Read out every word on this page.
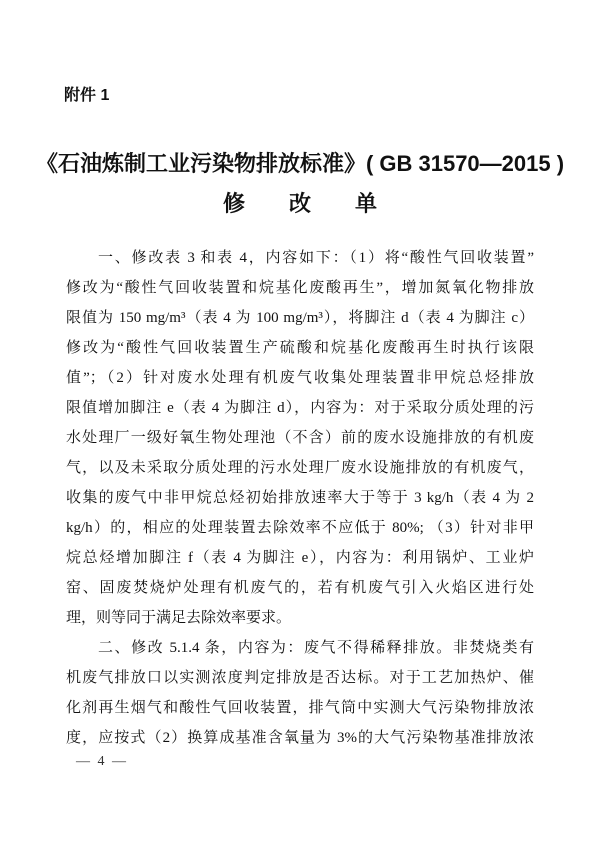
附件 1
《石油炼制工业污染物排放标准》( GB 31570—2015 )
修　　改　　单
一、修改表 3 和表 4，内容如下：（1）将“酸性气回收装置”
修改为“酸性气回收装置和烷基化废酸再生”，增加氮氧化物排放
限值为 150 mg/m³（表 4 为 100 mg/m³），将脚注 d（表 4 为脚注 c）
修改为“酸性气回收装置生产硫酸和烷基化废酸再生时执行该限
值”；（2）针对废水处理有机废气收集处理装置非甲烷总烃排放
限值增加脚注 e（表 4 为脚注 d），内容为：对于采取分质处理的污
水处理厂一级好氧生物处理池（不含）前的废水设施排放的有机废
气，以及未采取分质处理的污水处理厂废水设施排放的有机废气，
收集的废气中非甲烷总烃初始排放速率大于等于 3 kg/h（表 4 为 2
kg/h）的，相应的处理装置去除效率不应低于 80%; （3）针对非甲
烷总烃增加脚注 f（表 4 为脚注 e），内容为：利用锅炉、工业炉
窑、固废焚烧炉处理有机废气的，若有机废气引入火焰区进行处
理，则等同于满足去除效率要求。
二、修改 5.1.4 条，内容为：废气不得稀释排放。非焚烧类有
机废气排放口以实测浓度判定排放是否达标。对于工艺加热炉、催
化剂再生烟气和酸性气回收装置，排气筒中实测大气污染物排放浓
度，应按式（2）换算成基准含氧量为 3%的大气污染物基准排放浓
— 4 —
